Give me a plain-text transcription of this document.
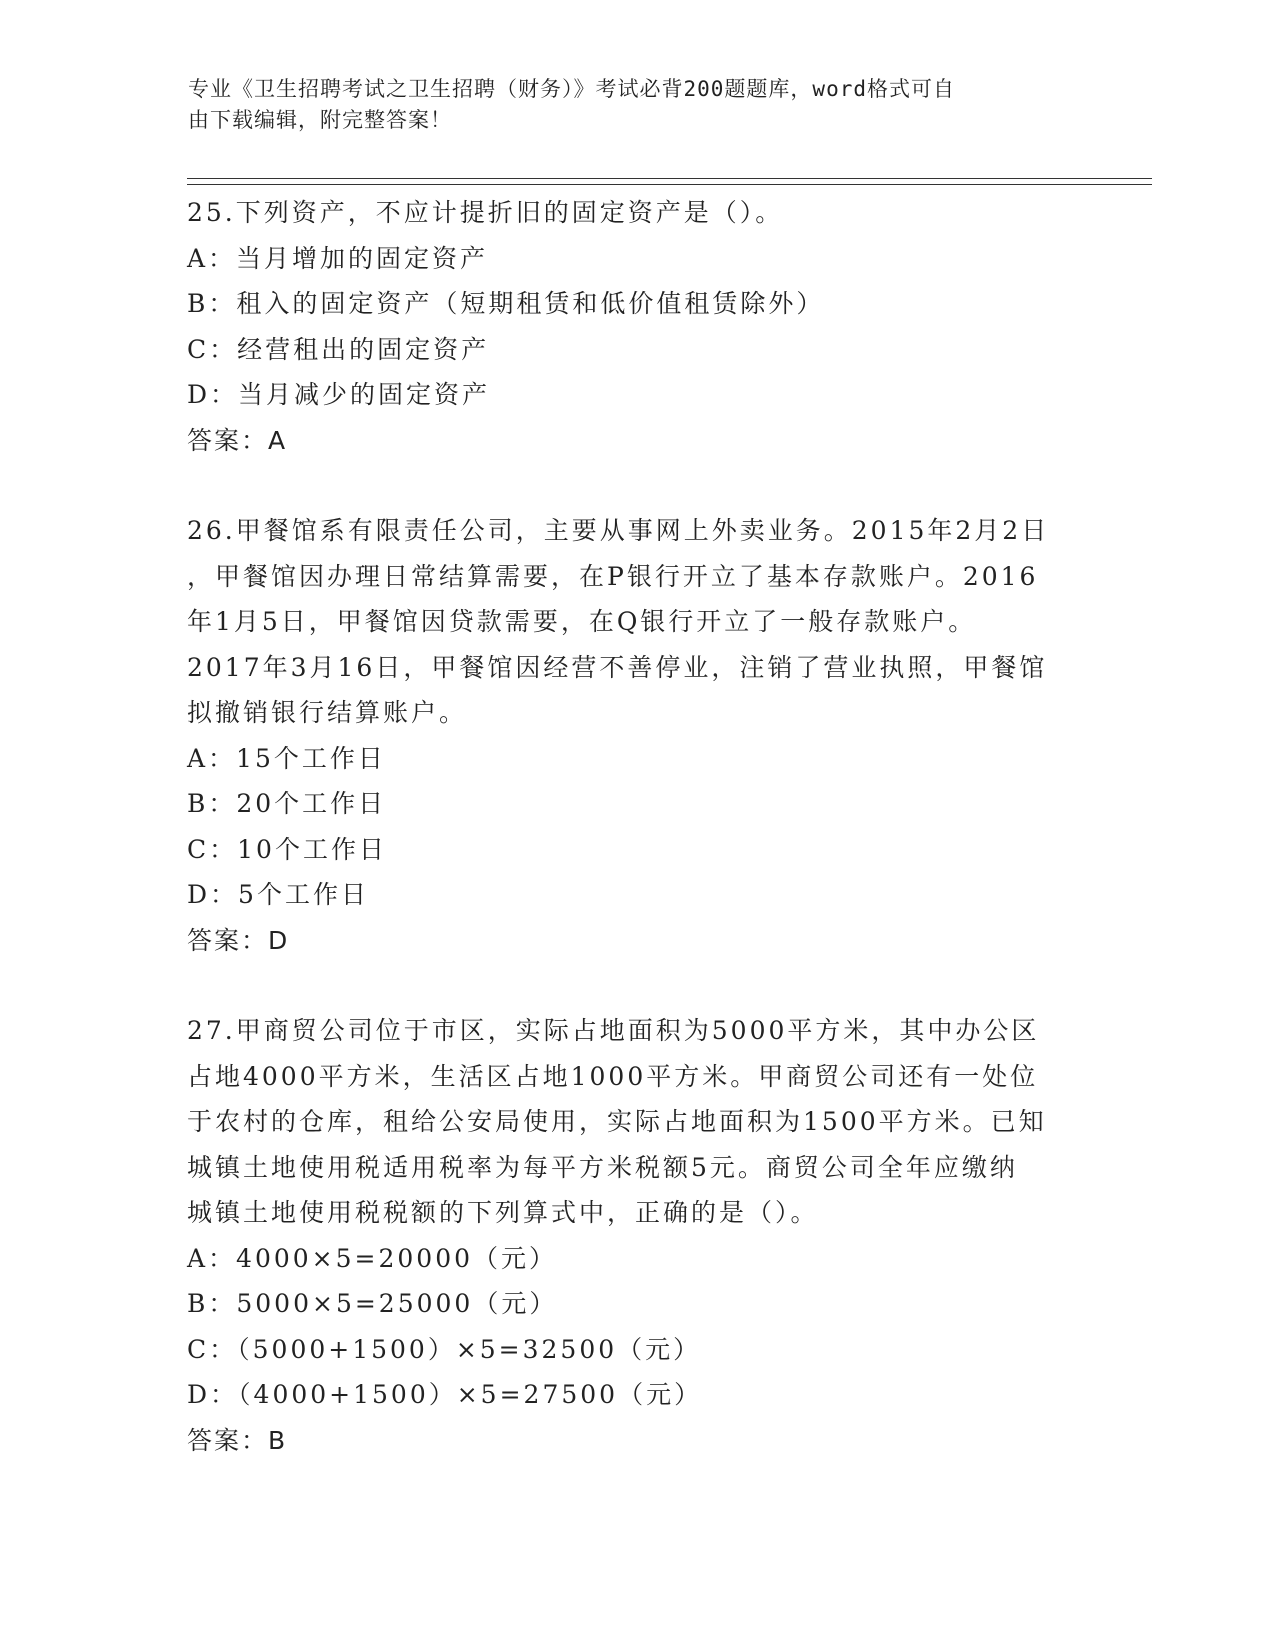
专业《卫生招聘考试之卫生招聘（财务）》考试必背200题题库，word格式可自
由下载编辑，附完整答案！

25.下列资产，不应计提折旧的固定资产是（）。

A：当月增加的固定资产

B：租入的固定资产（短期租赁和低价值租赁除外）

C：经营租出的固定资产

D：当月减少的固定资产

答案：A

26.甲餐馆系有限责任公司，主要从事网上外卖业务。2015年2月2日

，甲餐馆因办理日常结算需要，在P银行开立了基本存款账户。2016

年1月5日，甲餐馆因贷款需要，在Q银行开立了一般存款账户。

2017年3月16日，甲餐馆因经营不善停业，注销了营业执照，甲餐馆

拟撤销银行结算账户。

A：15个工作日

B：20个工作日

C：10个工作日

D：5个工作日

答案：D

27.甲商贸公司位于市区，实际占地面积为5000平方米，其中办公区

占地4000平方米，生活区占地1000平方米。甲商贸公司还有一处位

于农村的仓库，租给公安局使用，实际占地面积为1500平方米。已知

城镇土地使用税适用税率为每平方米税额5元。商贸公司全年应缴纳

城镇土地使用税税额的下列算式中，正确的是（）。

A：4000×5=20000（元）

B：5000×5=25000（元）

C：（5000+1500）×5=32500（元）

D：（4000+1500）×5=27500（元）

答案：B
